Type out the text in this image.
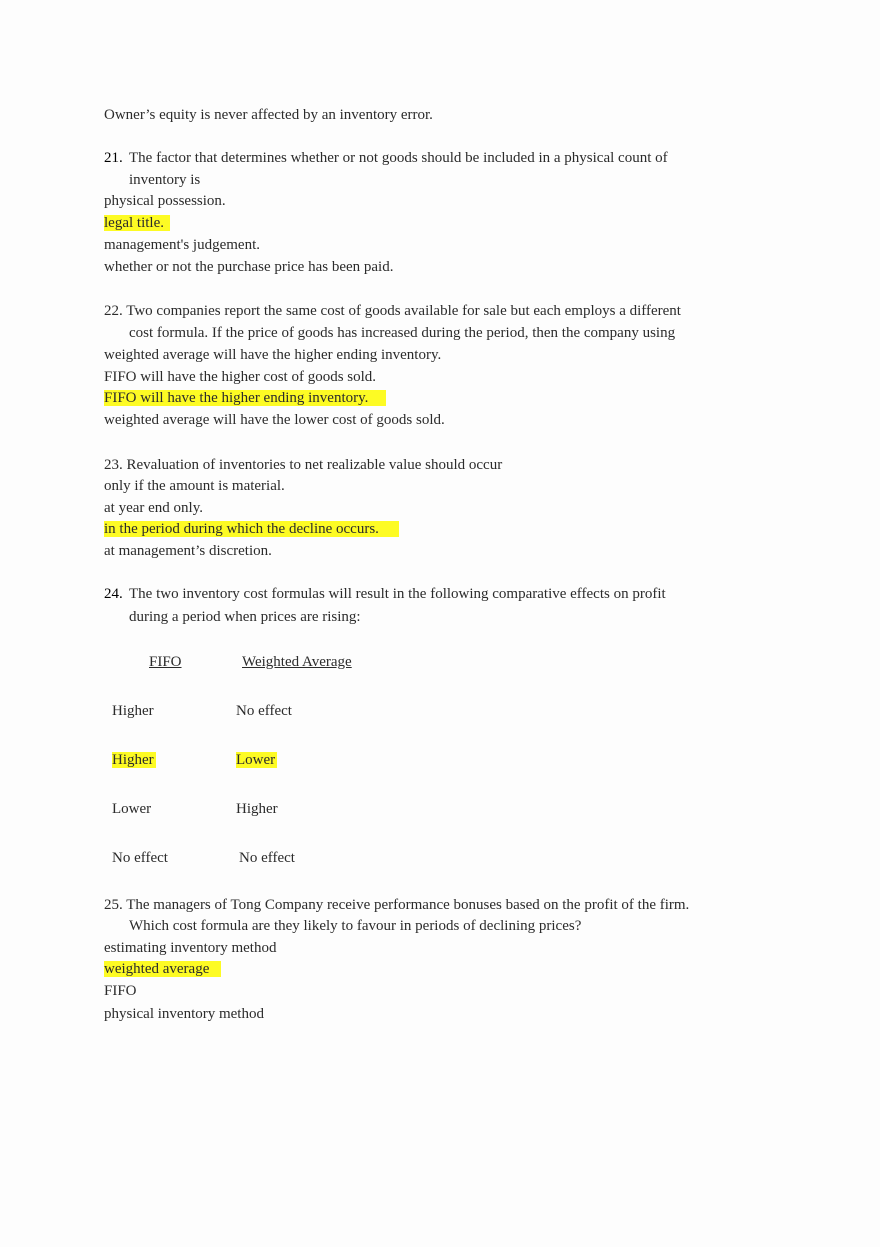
Owner’s equity is never affected by an inventory error.
21. The factor that determines whether or not goods should be included in a physical count of
inventory is
physical possession.
legal title.
management's judgement.
whether or not the purchase price has been paid.
22. Two companies report the same cost of goods available for sale but each employs a different
cost formula. If the price of goods has increased during the period, then the company using
weighted average will have the higher ending inventory.
FIFO will have the higher cost of goods sold.
FIFO will have the higher ending inventory.
weighted average will have the lower cost of goods sold.
23. Revaluation of inventories to net realizable value should occur
only if the amount is material.
at year end only.
in the period during which the decline occurs.
at management’s discretion.
24. The two inventory cost formulas will result in the following comparative effects on profit
during a period when prices are rising:
FIFO	Weighted Average
Higher	No effect
Higher	Lower
Lower	Higher
No effect	No effect
25. The managers of Tong Company receive performance bonuses based on the profit of the firm.
Which cost formula are they likely to favour in periods of declining prices?
estimating inventory method
weighted average
FIFO
physical inventory method
